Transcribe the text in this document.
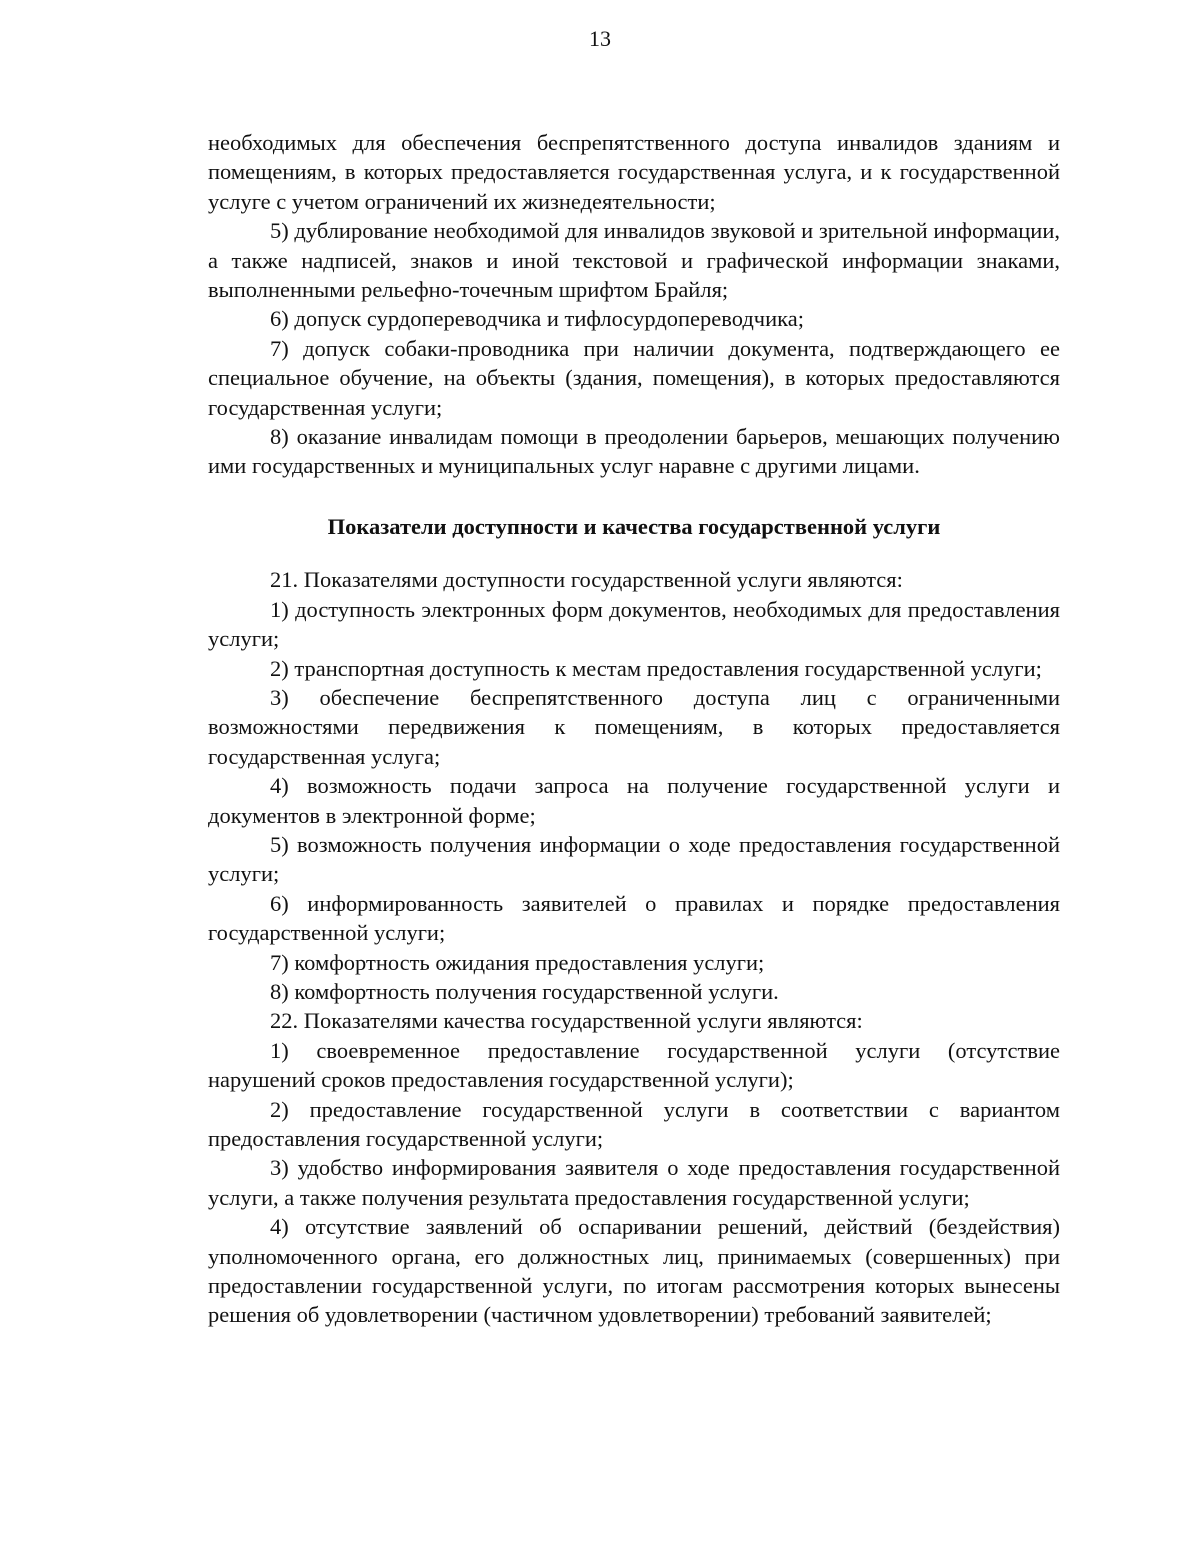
13

необходимых для обеспечения беспрепятственного доступа инвалидов зданиям и помещениям, в которых предоставляется государственная услуга, и к государственной услуге с учетом ограничений их жизнедеятельности;

5) дублирование необходимой для инвалидов звуковой и зрительной информации, а также надписей, знаков и иной текстовой и графической информации знаками, выполненными рельефно-точечным шрифтом Брайля;

6) допуск сурдопереводчика и тифлосурдопереводчика;

7) допуск собаки-проводника при наличии документа, подтверждающего ее специальное обучение, на объекты (здания, помещения), в которых предоставляются государственная услуги;

8) оказание инвалидам помощи в преодолении барьеров, мешающих получению ими государственных и муниципальных услуг наравне с другими лицами.

Показатели доступности и качества государственной услуги

21. Показателями доступности государственной услуги являются:

1) доступность электронных форм документов, необходимых для предоставления услуги;

2) транспортная доступность к местам предоставления государственной услуги;

3) обеспечение беспрепятственного доступа лиц с ограниченными возможностями передвижения к помещениям, в которых предоставляется государственная услуга;

4) возможность подачи запроса на получение государственной услуги и документов в электронной форме;

5) возможность получения информации о ходе предоставления государственной услуги;

6) информированность заявителей о правилах и порядке предоставления государственной услуги;

7) комфортность ожидания предоставления услуги;

8) комфортность получения государственной услуги.

22. Показателями качества государственной услуги являются:

1) своевременное предоставление государственной услуги (отсутствие нарушений сроков предоставления государственной услуги);

2) предоставление государственной услуги в соответствии с вариантом предоставления государственной услуги;

3) удобство информирования заявителя о ходе предоставления государственной услуги, а также получения результата предоставления государственной услуги;

4) отсутствие заявлений об оспаривании решений, действий (бездействия) уполномоченного органа, его должностных лиц, принимаемых (совершенных) при предоставлении государственной услуги, по итогам рассмотрения которых вынесены решения об удовлетворении (частичном удовлетворении) требований заявителей;
